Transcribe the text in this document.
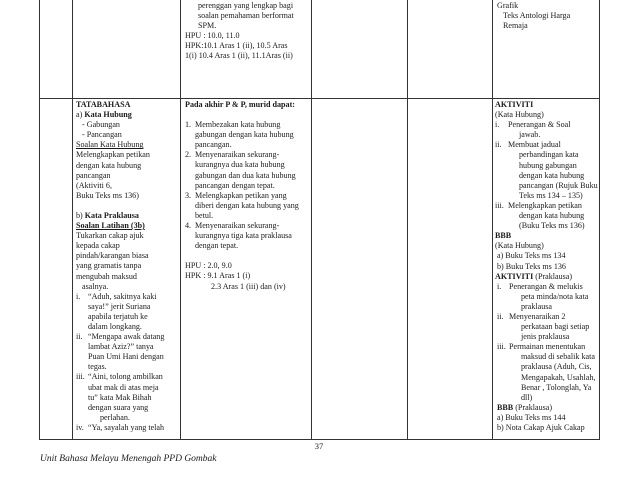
perenggan yang lengkap bagi
soalan pemahaman berformat
SPM.
HPU : 10.0, 11.0
HPK:10.1 Aras 1 (ii), 10.5 Aras
1(i) 10.4 Aras 1 (ii), 11.1Aras (ii)
Grafik
Teks Antologi Harga
Remaja
TATABAHASA
a) Kata Hubung
- Gabungan
- Pancangan
Soalan Kata Hubung
Melengkapkan petikan
dengan kata hubung
pancangan
(Aktiviti 6,
Buku Teks ms 136)
b) Kata Praklausa
Soalan Latihan (3b)
Tukarkan cakap ajuk
kepada cakap
pindah/karangan biasa
yang gramatis tanpa
mengubah maksud
asalnya.
i. “Aduh, sakitnya kaki
saya!” jerit Suriana
apabila terjatuh ke
dalam longkang.
ii. “Mengapa awak datang
lambat Aziz?” tanya
Puan Umi Hani dengan
tegas.
iii. “Aini, tolong ambilkan
ubat mak di atas meja
tu” kata Mak Bihah
dengan suara yang
perlahan.
iv. “Ya, sayalah yang telah
Pada akhir P & P, murid dapat:
1. Membezakan kata hubung
gabungan dengan kata hubung
pancangan.
2. Menyenaraikan sekurang-
kurangnya dua kata hubung
gabungan dan dua kata hubung
pancangan dengan tepat.
3. Melengkapkan petikan yang
diberi dengan kata hubung yang
betul.
4. Menyenaraikan sekurang-
kurangnya tiga kata praklausa
dengan tepat.
HPU : 2.0, 9.0
HPK : 9.1 Aras 1 (i)
2.3 Aras 1 (iii) dan (iv)
AKTIVITI
(Kata Hubung)
i. Penerangan & Soal
jawab.
ii. Membuat jadual
perbandingan kata
hubung gabungan
dengan kata hubung
pancangan (Rujuk Buku
Teks ms 134 – 135)
iii. Melengkapkan petikan
dengan kata hubung
(Buku Teks ms 136)
BBB
(Kata Hubung)
a) Buku Teks ms 134
b) Buku Teks ms 136
AKTIVITI (Praklausa)
i. Penerangan & melukis
peta minda/nota kata
praklausa
ii. Menyenaraikan 2
perkataan bagi setiap
jenis praklausa
iii. Permainan menentukan
maksud di sebalik kata
praklausa (Aduh, Cis,
Mengapakah, Usahlah,
Benar , Tolonglah, Ya
dll)
BBB (Praklausa)
a) Buku Teks ms 144
b) Nota Cakap Ajuk Cakap
37
Unit Bahasa Melayu Menengah PPD Gombak
